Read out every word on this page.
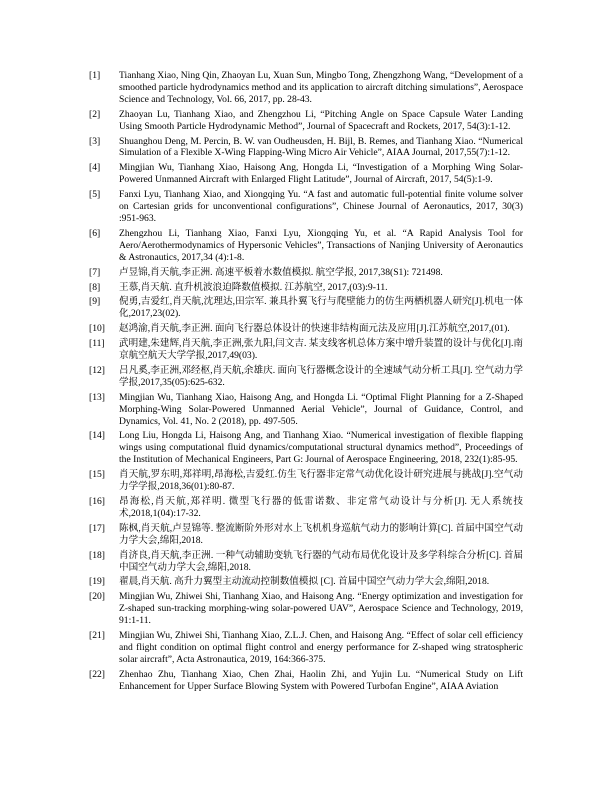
[1] Tianhang Xiao, Ning Qin, Zhaoyan Lu, Xuan Sun, Mingbo Tong, Zhengzhong Wang, “Development of a smoothed particle hydrodynamics method and its application to aircraft ditching simulations”, Aerospace Science and Technology, Vol. 66, 2017, pp. 28-43.
[2] Zhaoyan Lu, Tianhang Xiao, and Zhengzhou Li, “Pitching Angle on Space Capsule Water Landing Using Smooth Particle Hydrodynamic Method”, Journal of Spacecraft and Rockets, 2017, 54(3):1-12.
[3] Shuanghou Deng, M. Percin, B. W. van Oudheusden, H. Bijl, B. Remes, and Tianhang Xiao. “Numerical Simulation of a Flexible X-Wing Flapping-Wing Micro Air Vehicle”, AIAA Journal, 2017,55(7):1-12.
[4] Mingjian Wu, Tianhang Xiao, Haisong Ang, Hongda Li, “Investigation of a Morphing Wing Solar-Powered Unmanned Aircraft with Enlarged Flight Latitude”, Journal of Aircraft, 2017, 54(5):1-9.
[5] Fanxi Lyu, Tianhang Xiao, and Xiongqing Yu. “A fast and automatic full-potential finite volume solver on Cartesian grids for unconventional configurations”, Chinese Journal of Aeronautics, 2017, 30(3) :951-963.
[6] Zhengzhou Li, Tianhang Xiao, Fanxi Lyu, Xiongqing Yu, et al. “A Rapid Analysis Tool for Aero/Aerothermodynamics of Hypersonic Vehicles”, Transactions of Nanjing University of Aeronautics & Astronautics, 2017,34 (4):1-8.
[7] 卢昱锦,肖天航,李正洲. 高速平板着水数值模拟. 航空学报, 2017,38(S1): 721498.
[8] 王慕,肖天航. 直升机波浪迫降数值模拟. 江苏航空, 2017,(03):9-11.
[9] 倪勇,吉爱红,肖天航,沈理达,田宗军. 兼具扑翼飞行与爬壁能力的仿生两栖机器人研究[J].机电一体化,2017,23(02).
[10] 赵鸿渝,肖天航,李正洲. 面向飞行器总体设计的快速非结构面元法及应用[J].江苏航空,2017,(01).
[11] 武明建,朱建辉,肖天航,李正洲,张九阳,闫文吉. 某支线客机总体方案中增升装置的设计与优化[J].南京航空航天大学学报,2017,49(03).
[12] 吕凡奚,李正洲,邓经枢,肖天航,余雄庆. 面向飞行器概念设计的全速域气动分析工具[J]. 空气动力学学报,2017,35(05):625-632.
[13] Mingjian Wu, Tianhang Xiao, Haisong Ang, and Hongda Li. “Optimal Flight Planning for a Z-Shaped Morphing-Wing Solar-Powered Unmanned Aerial Vehicle”, Journal of Guidance, Control, and Dynamics, Vol. 41, No. 2 (2018), pp. 497-505.
[14] Long Liu, Hongda Li, Haisong Ang, and Tianhang Xiao. “Numerical investigation of flexible flapping wings using computational fluid dynamics/computational structural dynamics method”, Proceedings of the Institution of Mechanical Engineers, Part G: Journal of Aerospace Engineering, 2018, 232(1):85-95.
[15] 肖天航,罗东明,郑祥明,昂海松,吉爱红.仿生飞行器非定常气动优化设计研究进展与挑战[J].空气动力学学报,2018,36(01):80-87.
[16] 昂海松,肖天航,郑祥明. 微型飞行器的低雷诺数、非定常气动设计与分析[J]. 无人系统技术,2018,1(04):17-32.
[17] 陈枫,肖天航,卢昱锦等. 整流断阶外形对水上飞机机身巡航气动力的影响计算[C]. 首届中国空气动力学大会,绵阳,2018.
[18] 肖济良,肖天航,李正洲. 一种气动辅助变轨飞行器的气动布局优化设计及多学科综合分析[C]. 首届中国空气动力学大会,绵阳,2018.
[19] 翟晨,肖天航. 高升力翼型主动流动控制数值模拟 [C]. 首届中国空气动力学大会,绵阳,2018.
[20] Mingjian Wu, Zhiwei Shi, Tianhang Xiao, and Haisong Ang. “Energy optimization and investigation for Z-shaped sun-tracking morphing-wing solar-powered UAV”, Aerospace Science and Technology, 2019, 91:1-11.
[21] Mingjian Wu, Zhiwei Shi, Tianhang Xiao, Z.L.J. Chen, and Haisong Ang. “Effect of solar cell efficiency and flight condition on optimal flight control and energy performance for Z-shaped wing stratospheric solar aircraft”, Acta Astronautica, 2019, 164:366-375.
[22] Zhenhao Zhu, Tianhang Xiao, Chen Zhai, Haolin Zhi, and Yujin Lu. “Numerical Study on Lift Enhancement for Upper Surface Blowing System with Powered Turbofan Engine”, AIAA Aviation
